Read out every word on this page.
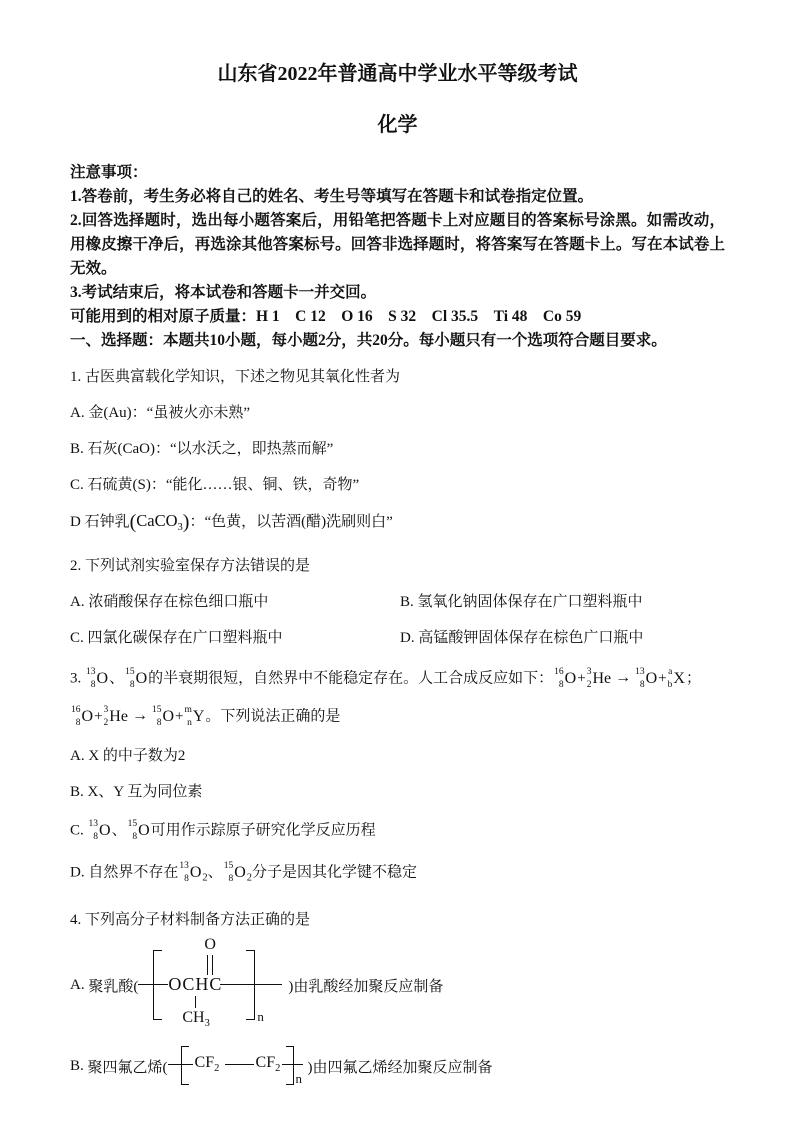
山东省2022年普通高中学业水平等级考试

化学

注意事项：

1.答卷前，考生务必将自己的姓名、考生号等填写在答题卡和试卷指定位置。

2.回答选择题时，选出每小题答案后，用铅笔把答题卡上对应题目的答案标号涂黑。如需改动，用橡皮擦干净后，再选涂其他答案标号。回答非选择题时，将答案写在答题卡上。写在本试卷上无效。

3.考试结束后，将本试卷和答题卡一并交回。

可能用到的相对原子质量：H 1　C 12　O 16　S 32　Cl 35.5　Ti 48　Co 59

一、选择题：本题共10小题，每小题2分，共20分。每小题只有一个选项符合题目要求。

1. 古医典富载化学知识，下述之物见其氧化性者为

A. 金(Au)：“虽被火亦未熟”

B. 石灰(CaO)：“以水沃之，即热蒸而解”

C. 石硫黄(S)：“能化……银、铜、铁，奇物”

D 石钟乳(CaCO$_3$)：“色黄，以苦酒(醋)洗刷则白”

2. 下列试剂实验室保存方法错误的是

A. 浓硝酸保存在棕色细口瓶中	B. 氢氧化钠固体保存在广口塑料瓶中
C. 四氯化碳保存在广口塑料瓶中	D. 高锰酸钾固体保存在棕色广口瓶中

3. 13
8 O 、 15
8 O 的半衰期很短，自然界中不能稳定存在。人工合成反应如下： 16
8 O + 3
2 He → 13
8 O + a
b X ；

16
8 O + 3
2 He → 15
8 O + m
n Y 。下列说法正确的是

A. X 的中子数为2

B. X、Y 互为同位素

C. 13
8 O 、 15
8 O 可用作示踪原子研究化学反应历程

D. 自然界不存在 13
8 O $_2$、 15
8 O $_2$分子是因其化学键不稳定

4. 下列高分子材料制备方法正确的是

A.
聚乳酸( OCHC
O
$CH_3$	n
)由乳酸经加聚反应制备
B.
聚四氟乙烯( $CF_2$ $CF_2$
n
)由四氟乙烯经加聚反应制备
